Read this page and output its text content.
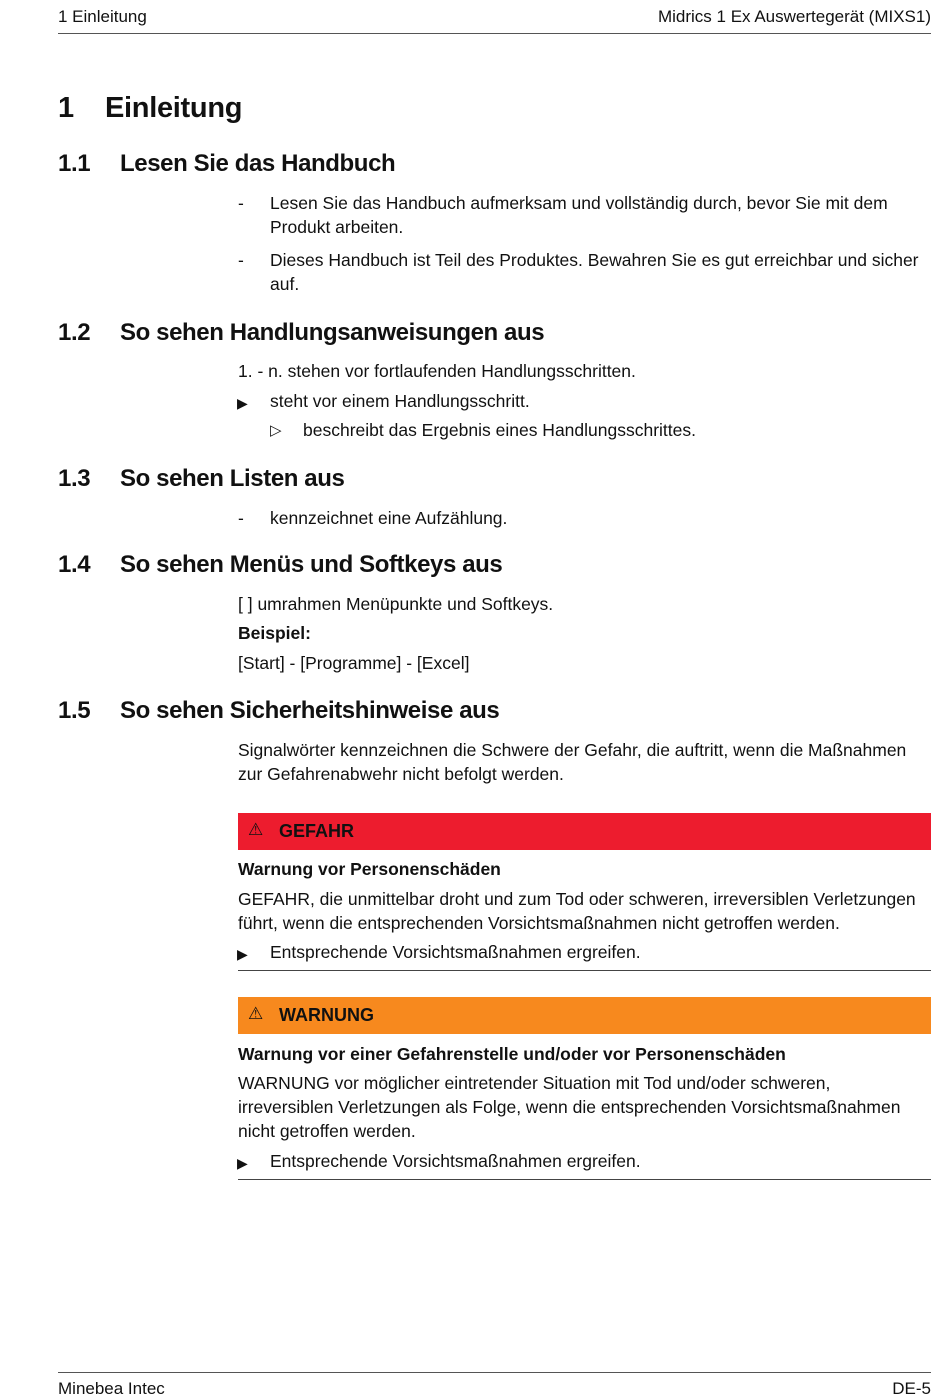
1 Einleitung	Midrics 1 Ex Auswertegerät (MIXS1)
1 Einleitung
1.1 Lesen Sie das Handbuch
-	Lesen Sie das Handbuch aufmerksam und vollständig durch, bevor Sie mit dem
Produkt arbeiten.
-	Dieses Handbuch ist Teil des Produktes. Bewahren Sie es gut erreichbar und sicher
auf.
1.2 So sehen Handlungsanweisungen aus
1. - n. stehen vor fortlaufenden Handlungsschritten.
▶ steht vor einem Handlungsschritt.
▷ beschreibt das Ergebnis eines Handlungsschrittes.
1.3 So sehen Listen aus
-	kennzeichnet eine Aufzählung.
1.4 So sehen Menüs und Softkeys aus
[ ] umrahmen Menüpunkte und Softkeys.
Beispiel:
[Start] - [Programme] - [Excel]
1.5 So sehen Sicherheitshinweise aus
Signalwörter kennzeichnen die Schwere der Gefahr, die auftritt, wenn die Maßnahmen
zur Gefahrenabwehr nicht befolgt werden.
⚠ GEFAHR
Warnung vor Personenschäden
GEFAHR, die unmittelbar droht und zum Tod oder schweren, irreversiblen Verletzungen
führt, wenn die entsprechenden Vorsichtsmaßnahmen nicht getroffen werden.
▶ Entsprechende Vorsichtsmaßnahmen ergreifen.
⚠ WARNUNG
Warnung vor einer Gefahrenstelle und/oder vor Personenschäden
WARNUNG vor möglicher eintretender Situation mit Tod und/oder schweren,
irreversiblen Verletzungen als Folge, wenn die entsprechenden Vorsichtsmaßnahmen
nicht getroffen werden.
▶ Entsprechende Vorsichtsmaßnahmen ergreifen.
Minebea Intec	DE-5
